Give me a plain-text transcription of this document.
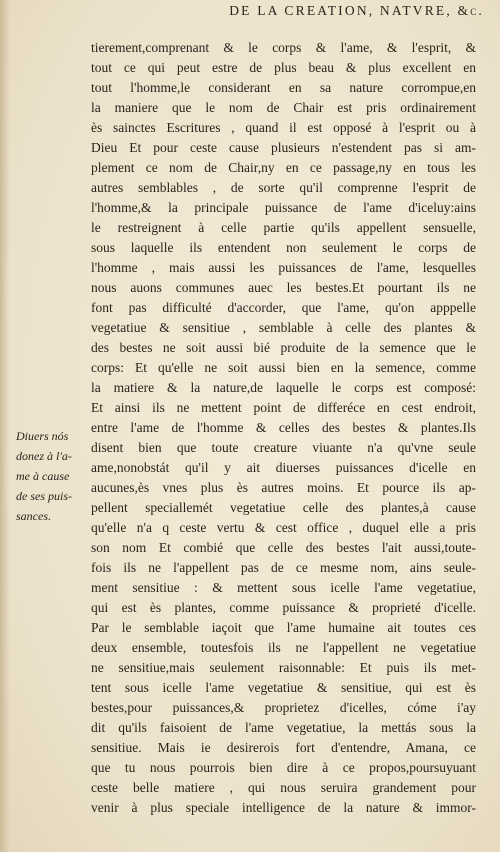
DE LA CREATION, NATVRE, &c.
tierement,comprenant & le corps & l'ame, & l'esprit, &
tout ce qui peut estre de plus beau & plus excellent en
tout l'homme,le considerant en sa nature corrompue,en
la maniere que le nom de Chair est pris ordinairement
ès sainctes Escritures , quand il est opposé à l'esprit ou à
Dieu Et pour ceste cause plusieurs n'estendent pas si am-
plement ce nom de Chair,ny en ce passage,ny en tous les
autres semblables , de sorte qu'il comprenne l'esprit de
l'homme,& la principale puissance de l'ame d'iceluy:ains
le restreignent à celle partie qu'ils appellent sensuelle,
sous laquelle ils entendent non seulement le corps de
l'homme , mais aussi les puissances de l'ame, lesquelles
nous auons communes auec les bestes.Et pourtant ils ne
font pas difficulté d'accorder, que l'ame, qu'on apppelle
vegetatiue & sensitiue , semblable à celle des plantes &
des bestes ne soit aussi bié produite de la semence que le
corps: Et qu'elle ne soit aussi bien en la semence, comme
la matiere & la nature,de laquelle le corps est composé:
Et ainsi ils ne mettent point de differéce en cest endroit,
entre l'ame de l'homme & celles des bestes & plantes.Ils
disent bien que toute creature viuante n'a qu'vne seule
ame,nonobstát qu'il y ait diuerses puissances d'icelle en
aucunes,ès vnes plus ès autres moins. Et pource ils ap-
pellent speciallemét vegetatiue celle des plantes,à cause
qu'elle n'a q ceste vertu & cest office , duquel elle a pris
son nom Et combié que celle des bestes l'ait aussi,toute-
fois ils ne l'appellent pas de ce mesme nom, ains seule-
ment sensitiue : & mettent sous icelle l'ame vegetatiue,
qui est ès plantes, comme puissance & proprieté d'icelle.
Par le semblable iaçoit que l'ame humaine ait toutes ces
deux ensemble, toutesfois ils ne l'appellent ne vegetatiue
ne sensitiue,mais seulement raisonnable: Et puis ils met-
tent sous icelle l'ame vegetatiue & sensitiue, qui est ès
bestes,pour puissances,& proprietez d'icelles, cóme i'ay
dit qu'ils faisoient de l'ame vegetatiue, la mettás sous la
sensitiue. Mais ie desirerois fort d'entendre, Amana, ce
que tu nous pourrois bien dire à ce propos,poursuyuant
ceste belle matiere , qui nous seruira grandement pour
venir à plus speciale intelligence de la nature & immor-
Diuers nós
donez à l'a-
me à cause
de ses puis-
sances.
